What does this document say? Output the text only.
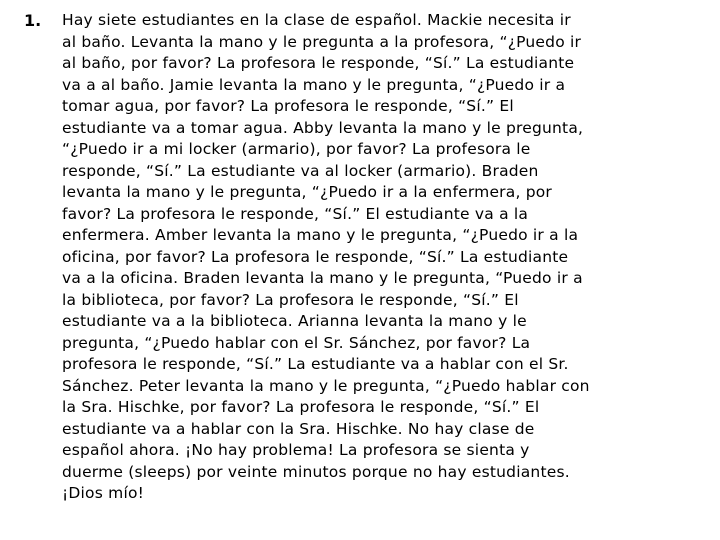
1. Hay siete estudiantes en la clase de español. Mackie necesita ir
al baño. Levanta la mano y le pregunta a la profesora, “¿Puedo ir
al baño, por favor? La profesora le responde, “Sí.” La estudiante
va a al baño. Jamie levanta la mano y le pregunta, “¿Puedo ir a
tomar agua, por favor? La profesora le responde, “Sí.” El
estudiante va a tomar agua. Abby levanta la mano y le pregunta,
“¿Puedo ir a mi locker (armario), por favor? La profesora le
responde, “Sí.” La estudiante va al locker (armario). Braden
levanta la mano y le pregunta, “¿Puedo ir a la enfermera, por
favor? La profesora le responde, “Sí.” El estudiante va a la
enfermera. Amber levanta la mano y le pregunta, “¿Puedo ir a la
oficina, por favor? La profesora le responde, “Sí.” La estudiante
va a la oficina. Braden levanta la mano y le pregunta, “Puedo ir a
la biblioteca, por favor? La profesora le responde, “Sí.” El
estudiante va a la biblioteca. Arianna levanta la mano y le
pregunta, “¿Puedo hablar con el Sr. Sánchez, por favor? La
profesora le responde, “Sí.” La estudiante va a hablar con el Sr.
Sánchez. Peter levanta la mano y le pregunta, “¿Puedo hablar con
la Sra. Hischke, por favor? La profesora le responde, “Sí.” El
estudiante va a hablar con la Sra. Hischke. No hay clase de
español ahora. ¡No hay problema! La profesora se sienta y
duerme (sleeps) por veinte minutos porque no hay estudiantes.
¡Dios mío!
